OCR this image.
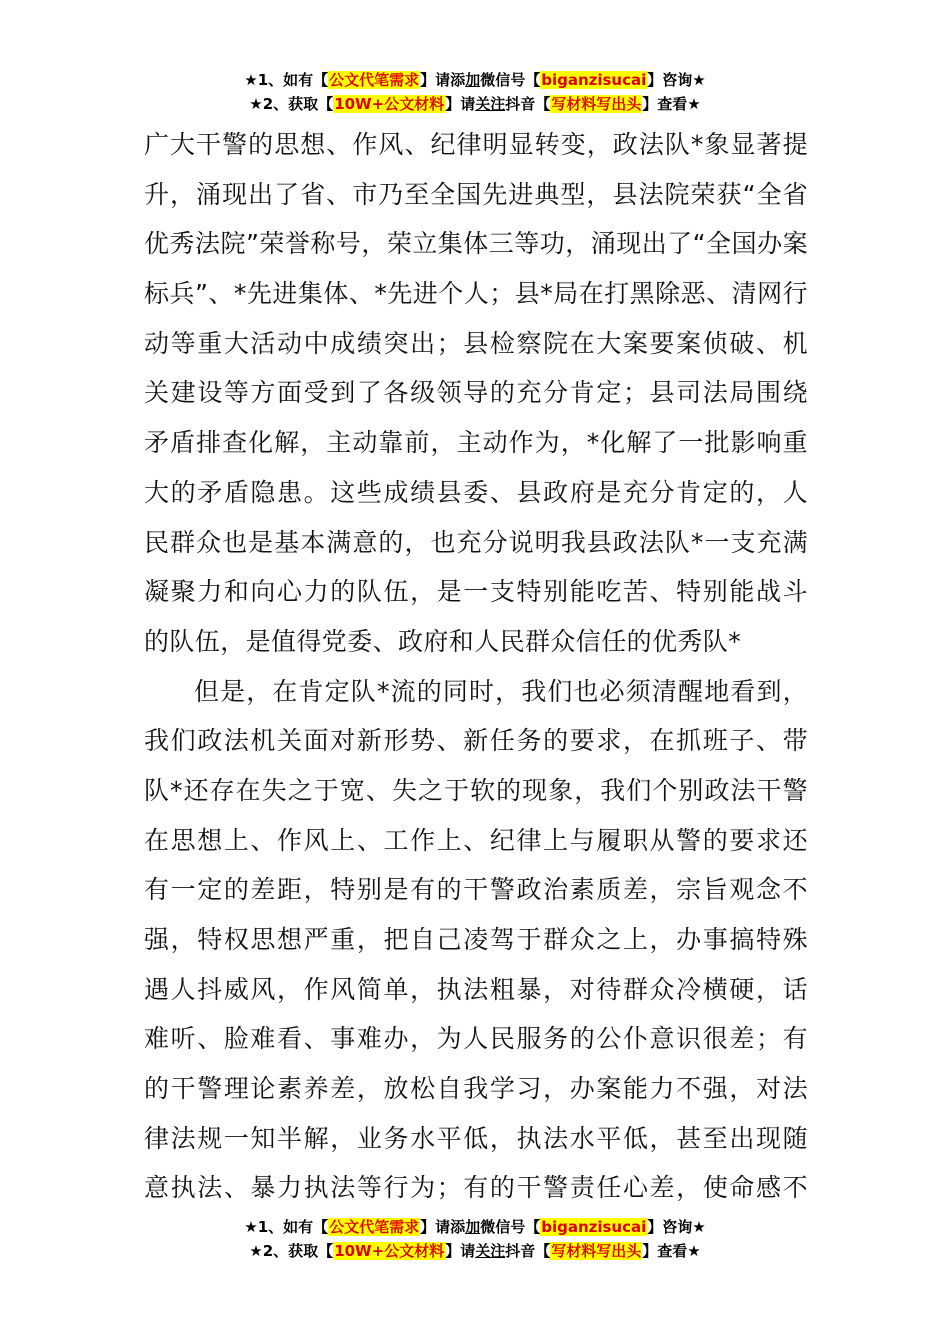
★1、如有【公文代笔需求】请添加微信号【biganzisucai】咨询★
★2、获取【10W+公文材料】请关注抖音【写材料写出头】查看★
广大干警的思想、作风、纪律明显转变，政法队*象显著提
升，涌现出了省、市乃至全国先进典型，县法院荣获“全省
优秀法院”荣誉称号，荣立集体三等功，涌现出了“全国办案
标兵”、*先进集体、*先进个人；县*局在打黑除恶、清网行
动等重大活动中成绩突出；县检察院在大案要案侦破、机
关建设等方面受到了各级领导的充分肯定；县司法局围绕
矛盾排查化解，主动靠前，主动作为，*化解了一批影响重
大的矛盾隐患。这些成绩县委、县政府是充分肯定的，人
民群众也是基本满意的，也充分说明我县政法队*一支充满
凝聚力和向心力的队伍，是一支特别能吃苦、特别能战斗
的队伍，是值得党委、政府和人民群众信任的优秀队*
但是，在肯定队*流的同时，我们也必须清醒地看到，
我们政法机关面对新形势、新任务的要求，在抓班子、带
队*还存在失之于宽、失之于软的现象，我们个别政法干警
在思想上、作风上、工作上、纪律上与履职从警的要求还
有一定的差距，特别是有的干警政治素质差，宗旨观念不
强，特权思想严重，把自己凌驾于群众之上，办事搞特殊
遇人抖威风，作风简单，执法粗暴，对待群众冷横硬，话
难听、脸难看、事难办，为人民服务的公仆意识很差；有
的干警理论素养差，放松自我学习，办案能力不强，对法
律法规一知半解，业务水平低，执法水平低，甚至出现随
意执法、暴力执法等行为；有的干警责任心差，使命感不
★1、如有【公文代笔需求】请添加微信号【biganzisucai】咨询★
★2、获取【10W+公文材料】请关注抖音【写材料写出头】查看★
